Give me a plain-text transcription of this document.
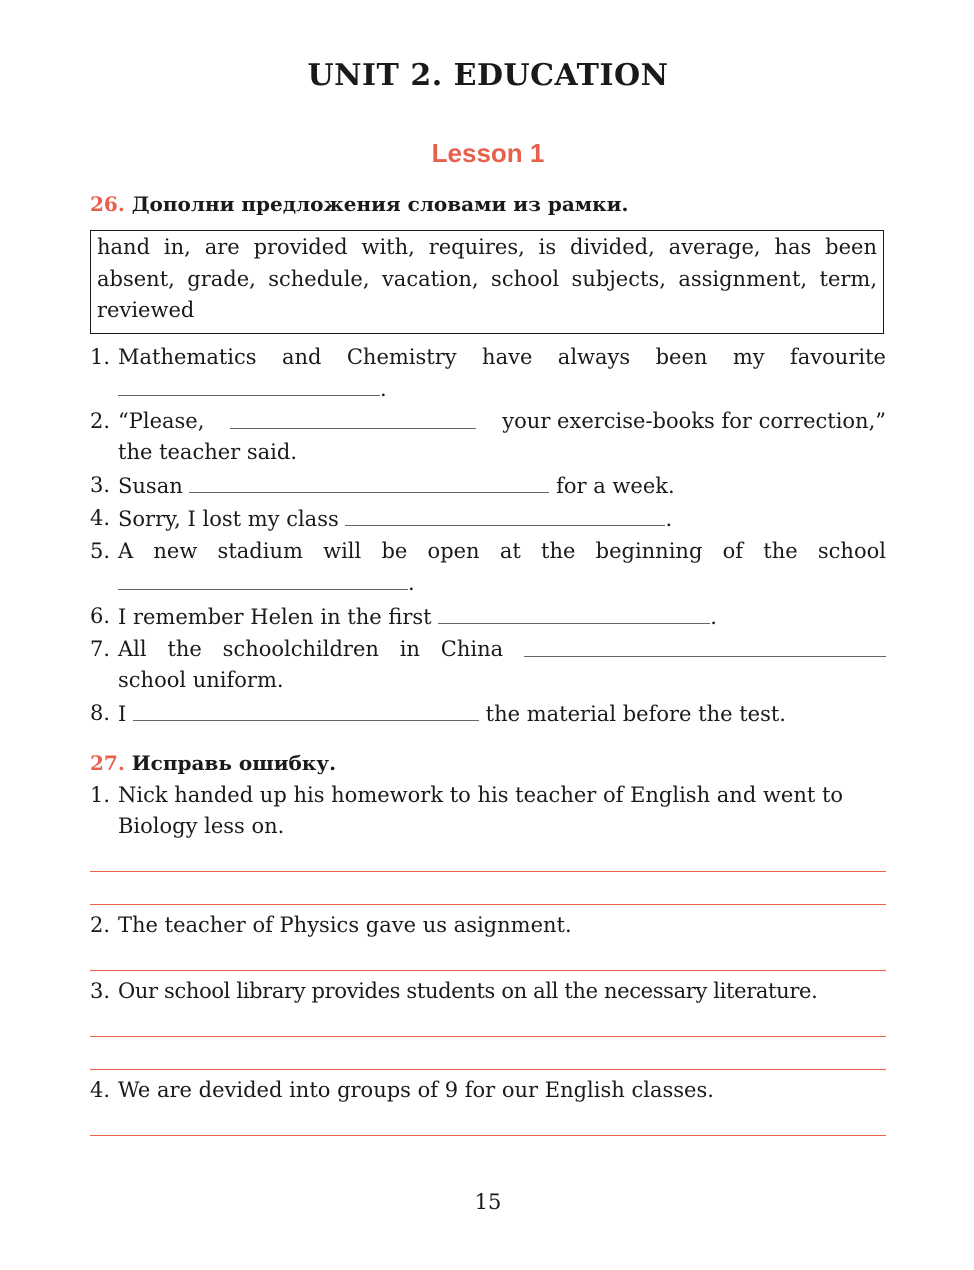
UNIT 2. EDUCATION
Lesson 1
26. Дополни предложения словами из рамки.
hand in, are provided with, requires, is divided, average, has been absent, grade, schedule, vacation, school subjects, assignment, term, reviewed
1. Mathematics and Chemistry have always been my favourite
.
2. “Please,	your exercise-books for correction,”
the teacher said.
3. Susan	for a week.
4. Sorry, I lost my class	.
5. A new stadium will be open at the beginning of the school
.
6. I remember Helen in the first	.
7. All the schoolchildren in China
school uniform.
8. I	the material before the test.
27. Исправь ошибку.
1. Nick handed up his homework to his teacher of English and went to
Biology less on.
2. The teacher of Physics gave us asignment.
3. Our school library provides students on all the necessary literature.
4. We are devided into groups of 9 for our English classes.
15
